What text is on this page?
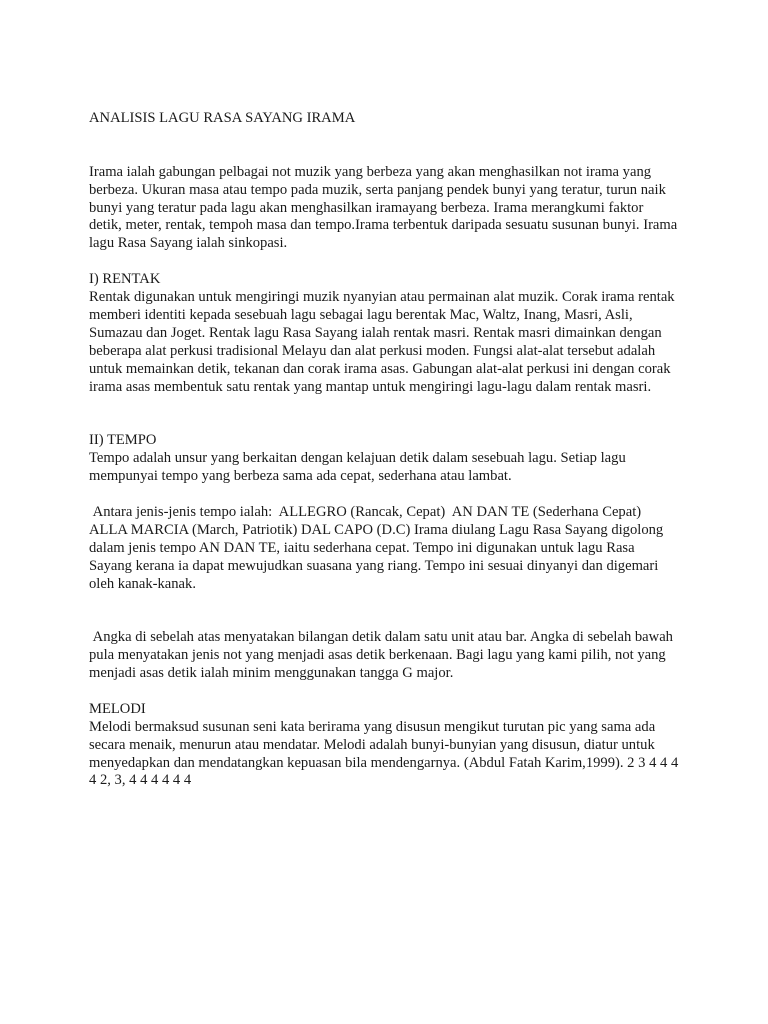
ANALISIS LAGU RASA SAYANG IRAMA

Irama ialah gabungan pelbagai not muzik yang berbeza yang akan menghasilkan not irama yang berbeza. Ukuran masa atau tempo pada muzik, serta panjang pendek bunyi yang teratur, turun naik bunyi yang teratur pada lagu akan menghasilkan iramayang berbeza. Irama merangkumi faktor detik, meter, rentak, tempoh masa dan tempo.Irama terbentuk daripada sesuatu susunan bunyi. Irama lagu Rasa Sayang ialah sinkopasi.

I) RENTAK

Rentak digunakan untuk mengiringi muzik nyanyian atau permainan alat muzik. Corak irama rentak memberi identiti kepada sesebuah lagu sebagai lagu berentak Mac, Waltz, Inang, Masri, Asli, Sumazau dan Joget. Rentak lagu Rasa Sayang ialah rentak masri. Rentak masri dimainkan dengan beberapa alat perkusi tradisional Melayu dan alat perkusi moden. Fungsi alat-alat tersebut adalah untuk memainkan detik, tekanan dan corak irama asas. Gabungan alat-alat perkusi ini dengan corak irama asas membentuk satu rentak yang mantap untuk mengiringi lagu-lagu dalam rentak masri.

II) TEMPO

Tempo adalah unsur yang berkaitan dengan kelajuan detik dalam sesebuah lagu. Setiap lagu mempunyai tempo yang berbeza sama ada cepat, sederhana atau lambat.

Antara jenis-jenis tempo ialah:  ALLEGRO (Rancak, Cepat)  AN DAN TE (Sederhana Cepat)  ALLA MARCIA (March, Patriotik) DAL CAPO (D.C) Irama diulang Lagu Rasa Sayang digolong dalam jenis tempo AN DAN TE, iaitu sederhana cepat. Tempo ini digunakan untuk lagu Rasa Sayang kerana ia dapat mewujudkan suasana yang riang. Tempo ini sesuai dinyanyi dan digemari oleh kanak-kanak.

Angka di sebelah atas menyatakan bilangan detik dalam satu unit atau bar. Angka di sebelah bawah pula menyatakan jenis not yang menjadi asas detik berkenaan. Bagi lagu yang kami pilih, not yang menjadi asas detik ialah minim menggunakan tangga G major.

MELODI

Melodi bermaksud susunan seni kata berirama yang disusun mengikut turutan pic yang sama ada secara menaik, menurun atau mendatar. Melodi adalah bunyi-bunyian yang disusun, diatur untuk menyedapkan dan mendatangkan kepuasan bila mendengarnya. (Abdul Fatah Karim,1999). 2 3 4 4 4 4 2, 3, 4 4 4 4 4 4
